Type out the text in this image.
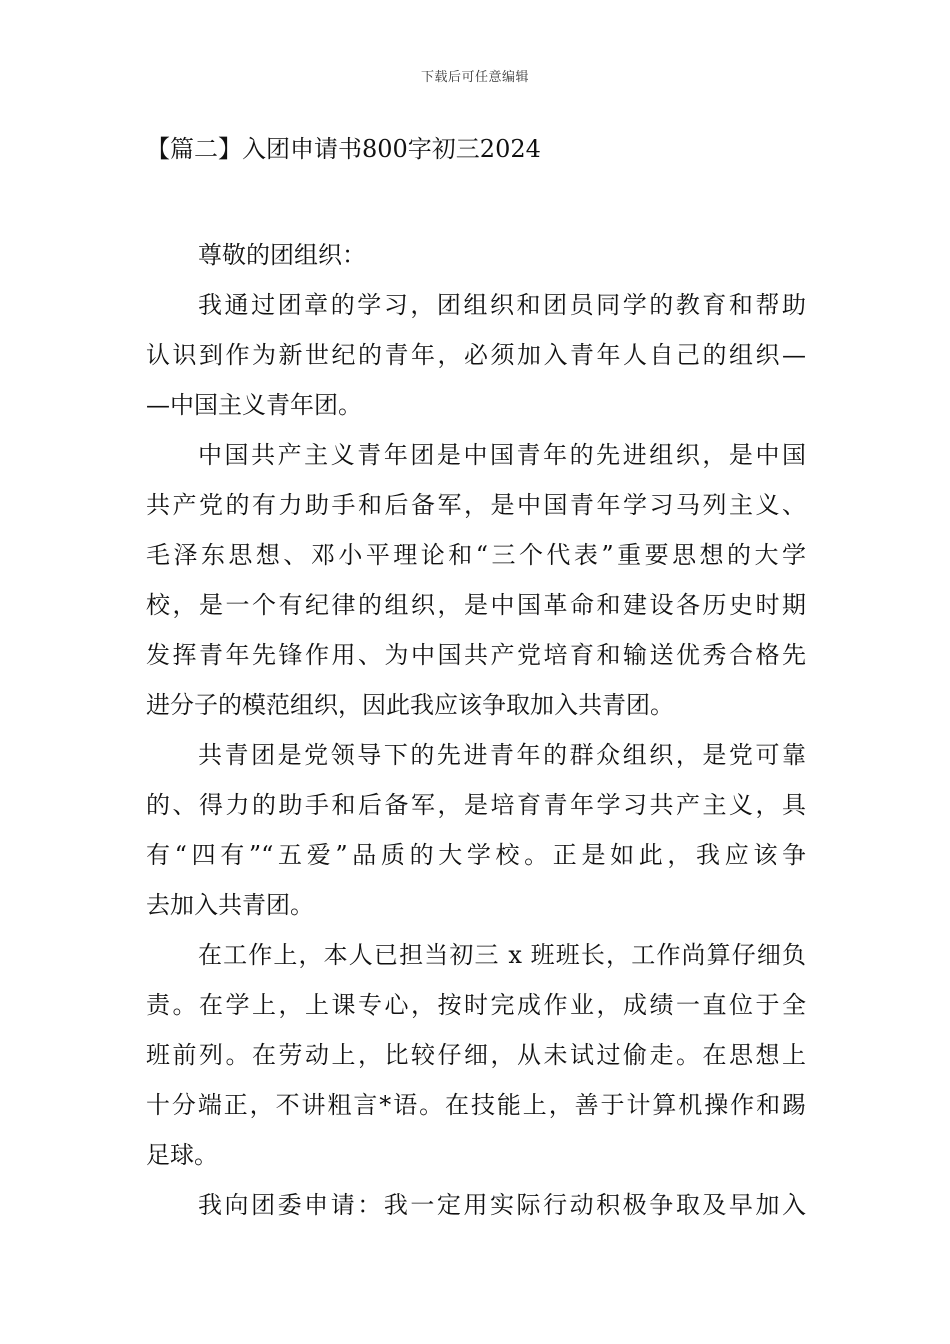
下载后可任意编辑
【篇二】入团申请书800字初三2024

尊敬的团组织：

我通过团章的学习，团组织和团员同学的教育和帮助
认识到作为新世纪的青年，必须加入青年人自己的组织—
—中国主义青年团。

中国共产主义青年团是中国青年的先进组织，是中国
共产党的有力助手和后备军，是中国青年学习马列主义、
毛泽东思想、邓小平理论和“三个代表”重要思想的大学
校，是一个有纪律的组织，是中国革命和建设各历史时期
发挥青年先锋作用、为中国共产党培育和输送优秀合格先
进分子的模范组织，因此我应该争取加入共青团。

共青团是党领导下的先进青年的群众组织，是党可靠
的、得力的助手和后备军，是培育青年学习共产主义，具
有“四有”“五爱”品质的大学校。正是如此，我应该争
去加入共青团。

在工作上，本人已担当初三 x 班班长，工作尚算仔细负
责。在学上，上课专心，按时完成作业，成绩一直位于全
班前列。在劳动上，比较仔细，从未试过偷走。在思想上
十分端正，不讲粗言*语。在技能上，善于计算机操作和踢
足球。

我向团委申请：我一定用实际行动积极争取及早加入
